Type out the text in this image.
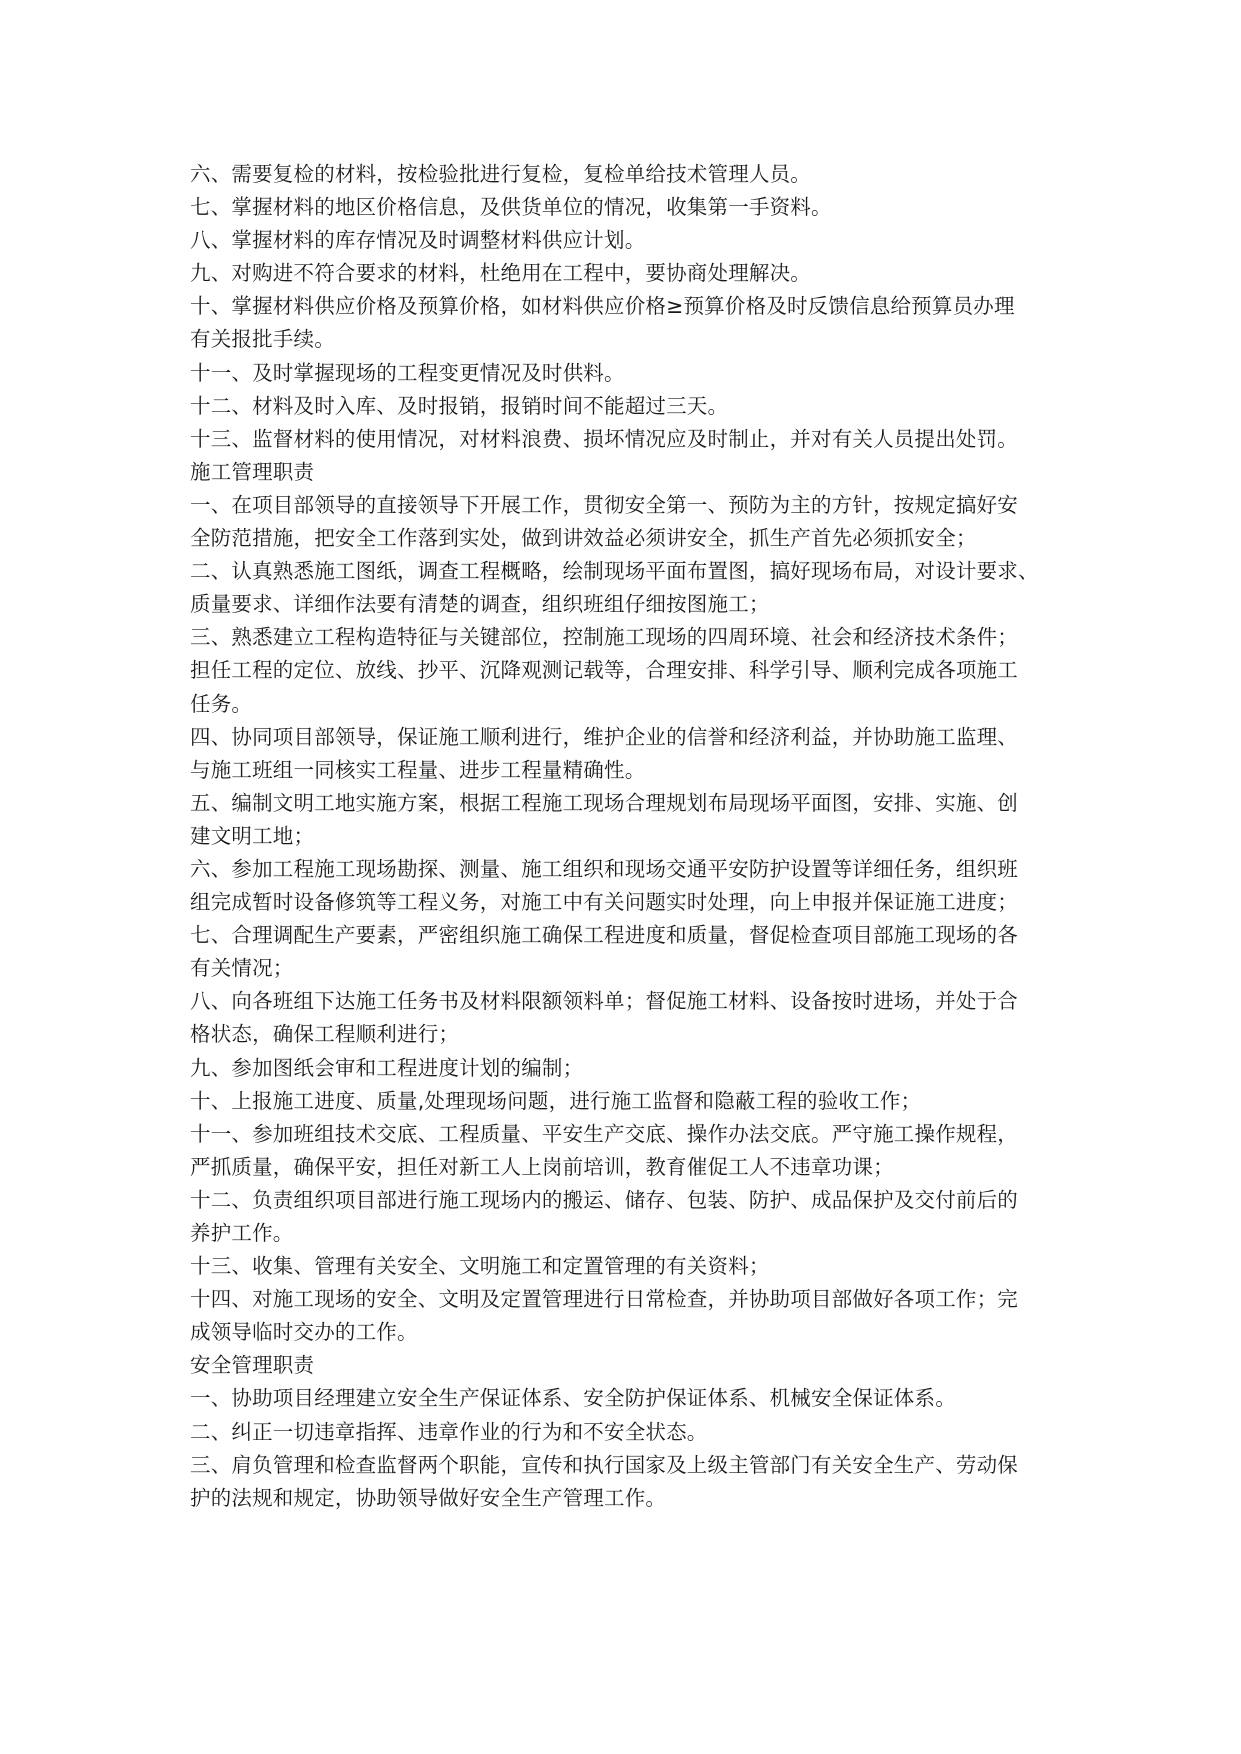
六、需要复检的材料，按检验批进行复检，复检单给技术管理人员。
七、掌握材料的地区价格信息，及供货单位的情况，收集第一手资料。
八、掌握材料的库存情况及时调整材料供应计划。
九、对购进不符合要求的材料，杜绝用在工程中，要协商处理解决。
十、掌握材料供应价格及预算价格，如材料供应价格≥预算价格及时反馈信息给预算员办理
有关报批手续。
十一、及时掌握现场的工程变更情况及时供料。
十二、材料及时入库、及时报销，报销时间不能超过三天。
十三、监督材料的使用情况，对材料浪费、损坏情况应及时制止，并对有关人员提出处罚。
施工管理职责
一、在项目部领导的直接领导下开展工作，贯彻安全第一、预防为主的方针，按规定搞好安
全防范措施，把安全工作落到实处，做到讲效益必须讲安全，抓生产首先必须抓安全；
二、认真熟悉施工图纸，调查工程概略，绘制现场平面布置图，搞好现场布局，对设计要求、
质量要求、详细作法要有清楚的调查，组织班组仔细按图施工；
三、熟悉建立工程构造特征与关键部位，控制施工现场的四周环境、社会和经济技术条件；
担任工程的定位、放线、抄平、沉降观测记载等，合理安排、科学引导、顺利完成各项施工
任务。
四、协同项目部领导，保证施工顺利进行，维护企业的信誉和经济利益，并协助施工监理、
与施工班组一同核实工程量、进步工程量精确性。
五、编制文明工地实施方案，根据工程施工现场合理规划布局现场平面图，安排、实施、创
建文明工地；
六、参加工程施工现场勘探、测量、施工组织和现场交通平安防护设置等详细任务，组织班
组完成暂时设备修筑等工程义务，对施工中有关问题实时处理，向上申报并保证施工进度；
七、合理调配生产要素，严密组织施工确保工程进度和质量，督促检查项目部施工现场的各
有关情况；
八、向各班组下达施工任务书及材料限额领料单；督促施工材料、设备按时进场，并处于合
格状态，确保工程顺利进行；
九、参加图纸会审和工程进度计划的编制；
十、上报施工进度、质量,处理现场问题，进行施工监督和隐蔽工程的验收工作；
十一、参加班组技术交底、工程质量、平安生产交底、操作办法交底。严守施工操作规程，
严抓质量，确保平安，担任对新工人上岗前培训，教育催促工人不违章功课；
十二、负责组织项目部进行施工现场内的搬运、储存、包装、防护、成品保护及交付前后的
养护工作。
十三、收集、管理有关安全、文明施工和定置管理的有关资料；
十四、对施工现场的安全、文明及定置管理进行日常检查，并协助项目部做好各项工作；完
成领导临时交办的工作。
安全管理职责
一、协助项目经理建立安全生产保证体系、安全防护保证体系、机械安全保证体系。
二、纠正一切违章指挥、违章作业的行为和不安全状态。
三、肩负管理和检查监督两个职能，宣传和执行国家及上级主管部门有关安全生产、劳动保
护的法规和规定，协助领导做好安全生产管理工作。
